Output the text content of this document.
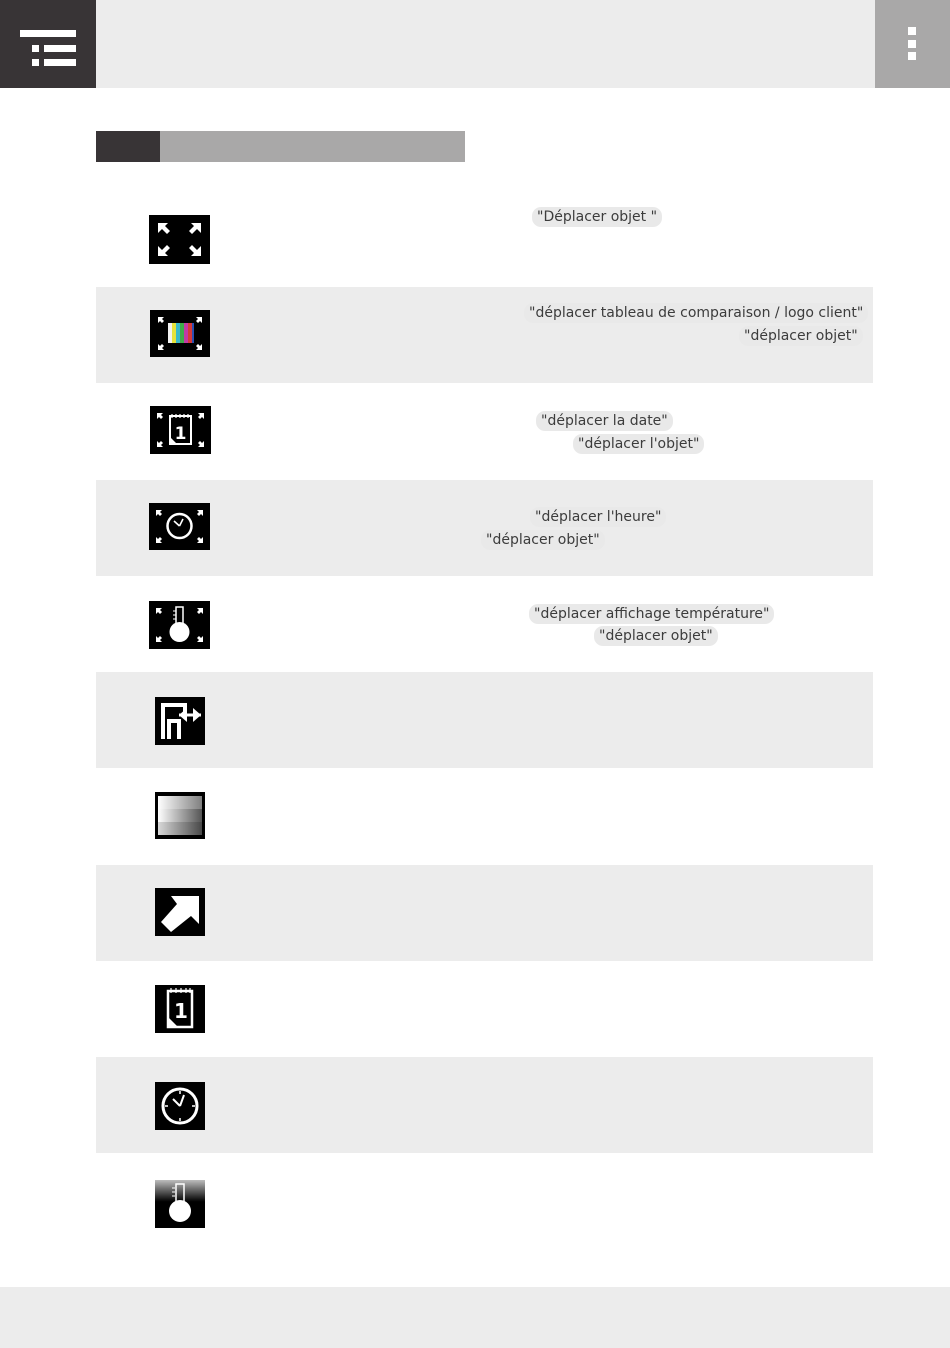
"Déplacer objet "
"déplacer tableau de comparaison / logo client"
"déplacer objet"
1
"déplacer la date"
"déplacer l'objet"
"déplacer l'heure"
"déplacer objet"
"déplacer affichage température"
"déplacer objet"
1
